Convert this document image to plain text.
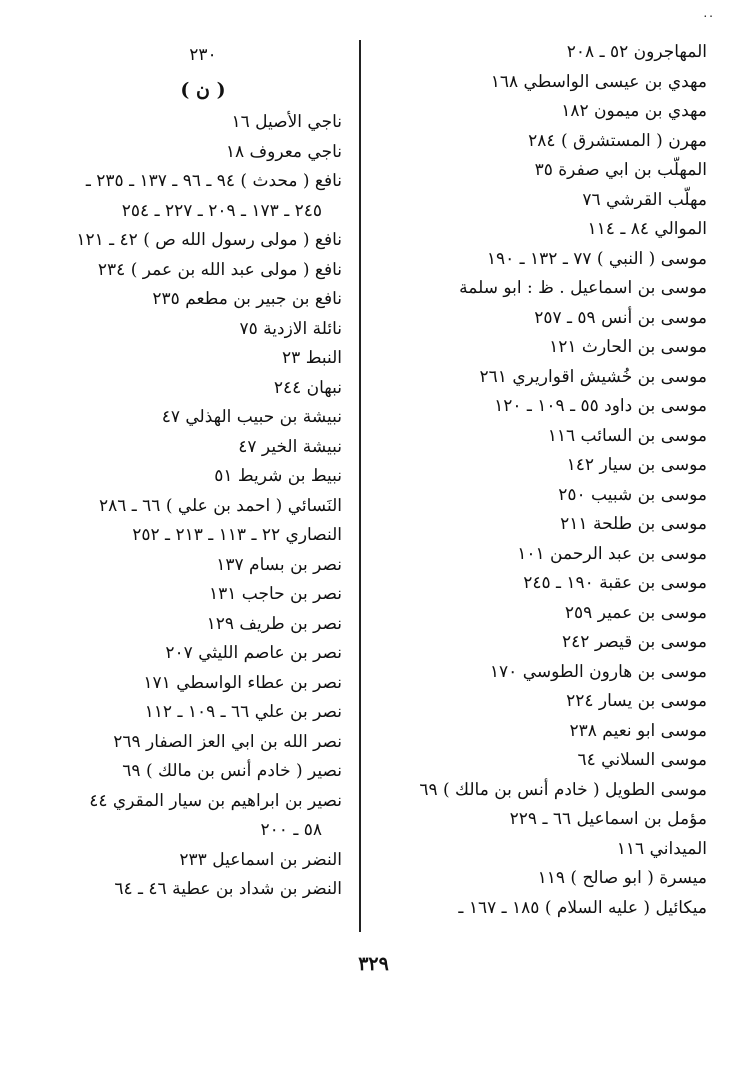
..
المهاجرون ٥٢ ـ ٢٠٨
مهدي بن عيسى الواسطي ١٦٨
مهدي بن ميمون ١٨٢
مهرن ( المستشرق ) ٢٨٤
المهلّب بن ابي صفرة ٣٥
مهلّب القرشي ٧٦
الموالي ٨٤ ـ ١١٤
موسى ( النبي ) ٧٧ ـ ١٣٢ ـ ١٩٠
موسى بن اسماعيل . ظ : ابو سلمة
موسى بن أنس ٥٩ ـ ٢٥٧
موسى بن الحارث ١٢١
موسى بن خُشيش اقواريري ٢٦١
موسى بن داود ٥٥ ـ ١٠٩ ـ ١٢٠
موسى بن السائب ١١٦
موسى بن سيار ١٤٢
موسى بن شبيب ٢٥٠
موسى بن طلحة ٢١١
موسى بن عبد الرحمن ١٠١
موسى بن عقبة ١٩٠ ـ ٢٤٥
موسى بن عمير ٢٥٩
موسى بن قيصر ٢٤٢
موسى بن هارون الطوسي ١٧٠
موسى بن يسار ٢٢٤
موسى ابو نعيم ٢٣٨
موسى السلاني ٦٤
موسى الطويل ( خادم أنس بن مالك ) ٦٩
مؤمل بن اسماعيل ٦٦ ـ ٢٢٩
الميداني ١١٦
ميسرة ( ابو صالح ) ١١٩
ميكائيل ( عليه السلام ) ١٨٥ ـ ١٦٧ ـ
٢٣٠
( ن )
ناجي الأصيل ١٦
ناجي معروف ١٨
نافع ( محدث ) ٩٤ ـ ٩٦ ـ ١٣٧ ـ ٢٣٥ ـ
٢٤٥ ـ ١٧٣ ـ ٢٠٩ ـ ٢٢٧ ـ ٢٥٤
نافع ( مولى رسول الله ص ) ٤٢ ـ ١٢١
نافع ( مولى عبد الله بن عمر ) ٢٣٤
نافع بن جبير بن مطعم ٢٣٥
نائلة الازدية ٧٥
النبط ٢٣
نبهان ٢٤٤
نبيشة بن حبيب الهذلي ٤٧
نبيشة الخير ٤٧
نبيط بن شريط ٥١
النَسائي ( احمد بن علي ) ٦٦ ـ ٢٨٦
النصاري ٢٢ ـ ١١٣ ـ ٢١٣ ـ ٢٥٢
نصر بن بسام ١٣٧
نصر بن حاجب ١٣١
نصر بن طريف ١٢٩
نصر بن عاصم الليثي ٢٠٧
نصر بن عطاء الواسطي ١٧١
نصر بن علي ٦٦ ـ ١٠٩ ـ ١١٢
نصر الله بن ابي العز الصفار ٢٦٩
نصير ( خادم أنس بن مالك ) ٦٩
نصير بن ابراهيم بن سيار المقري ٤٤
٥٨ ـ ٢٠٠
النضر بن اسماعيل ٢٣٣
النضر بن شداد بن عطية ٤٦ ـ ٦٤
٣٢٩
